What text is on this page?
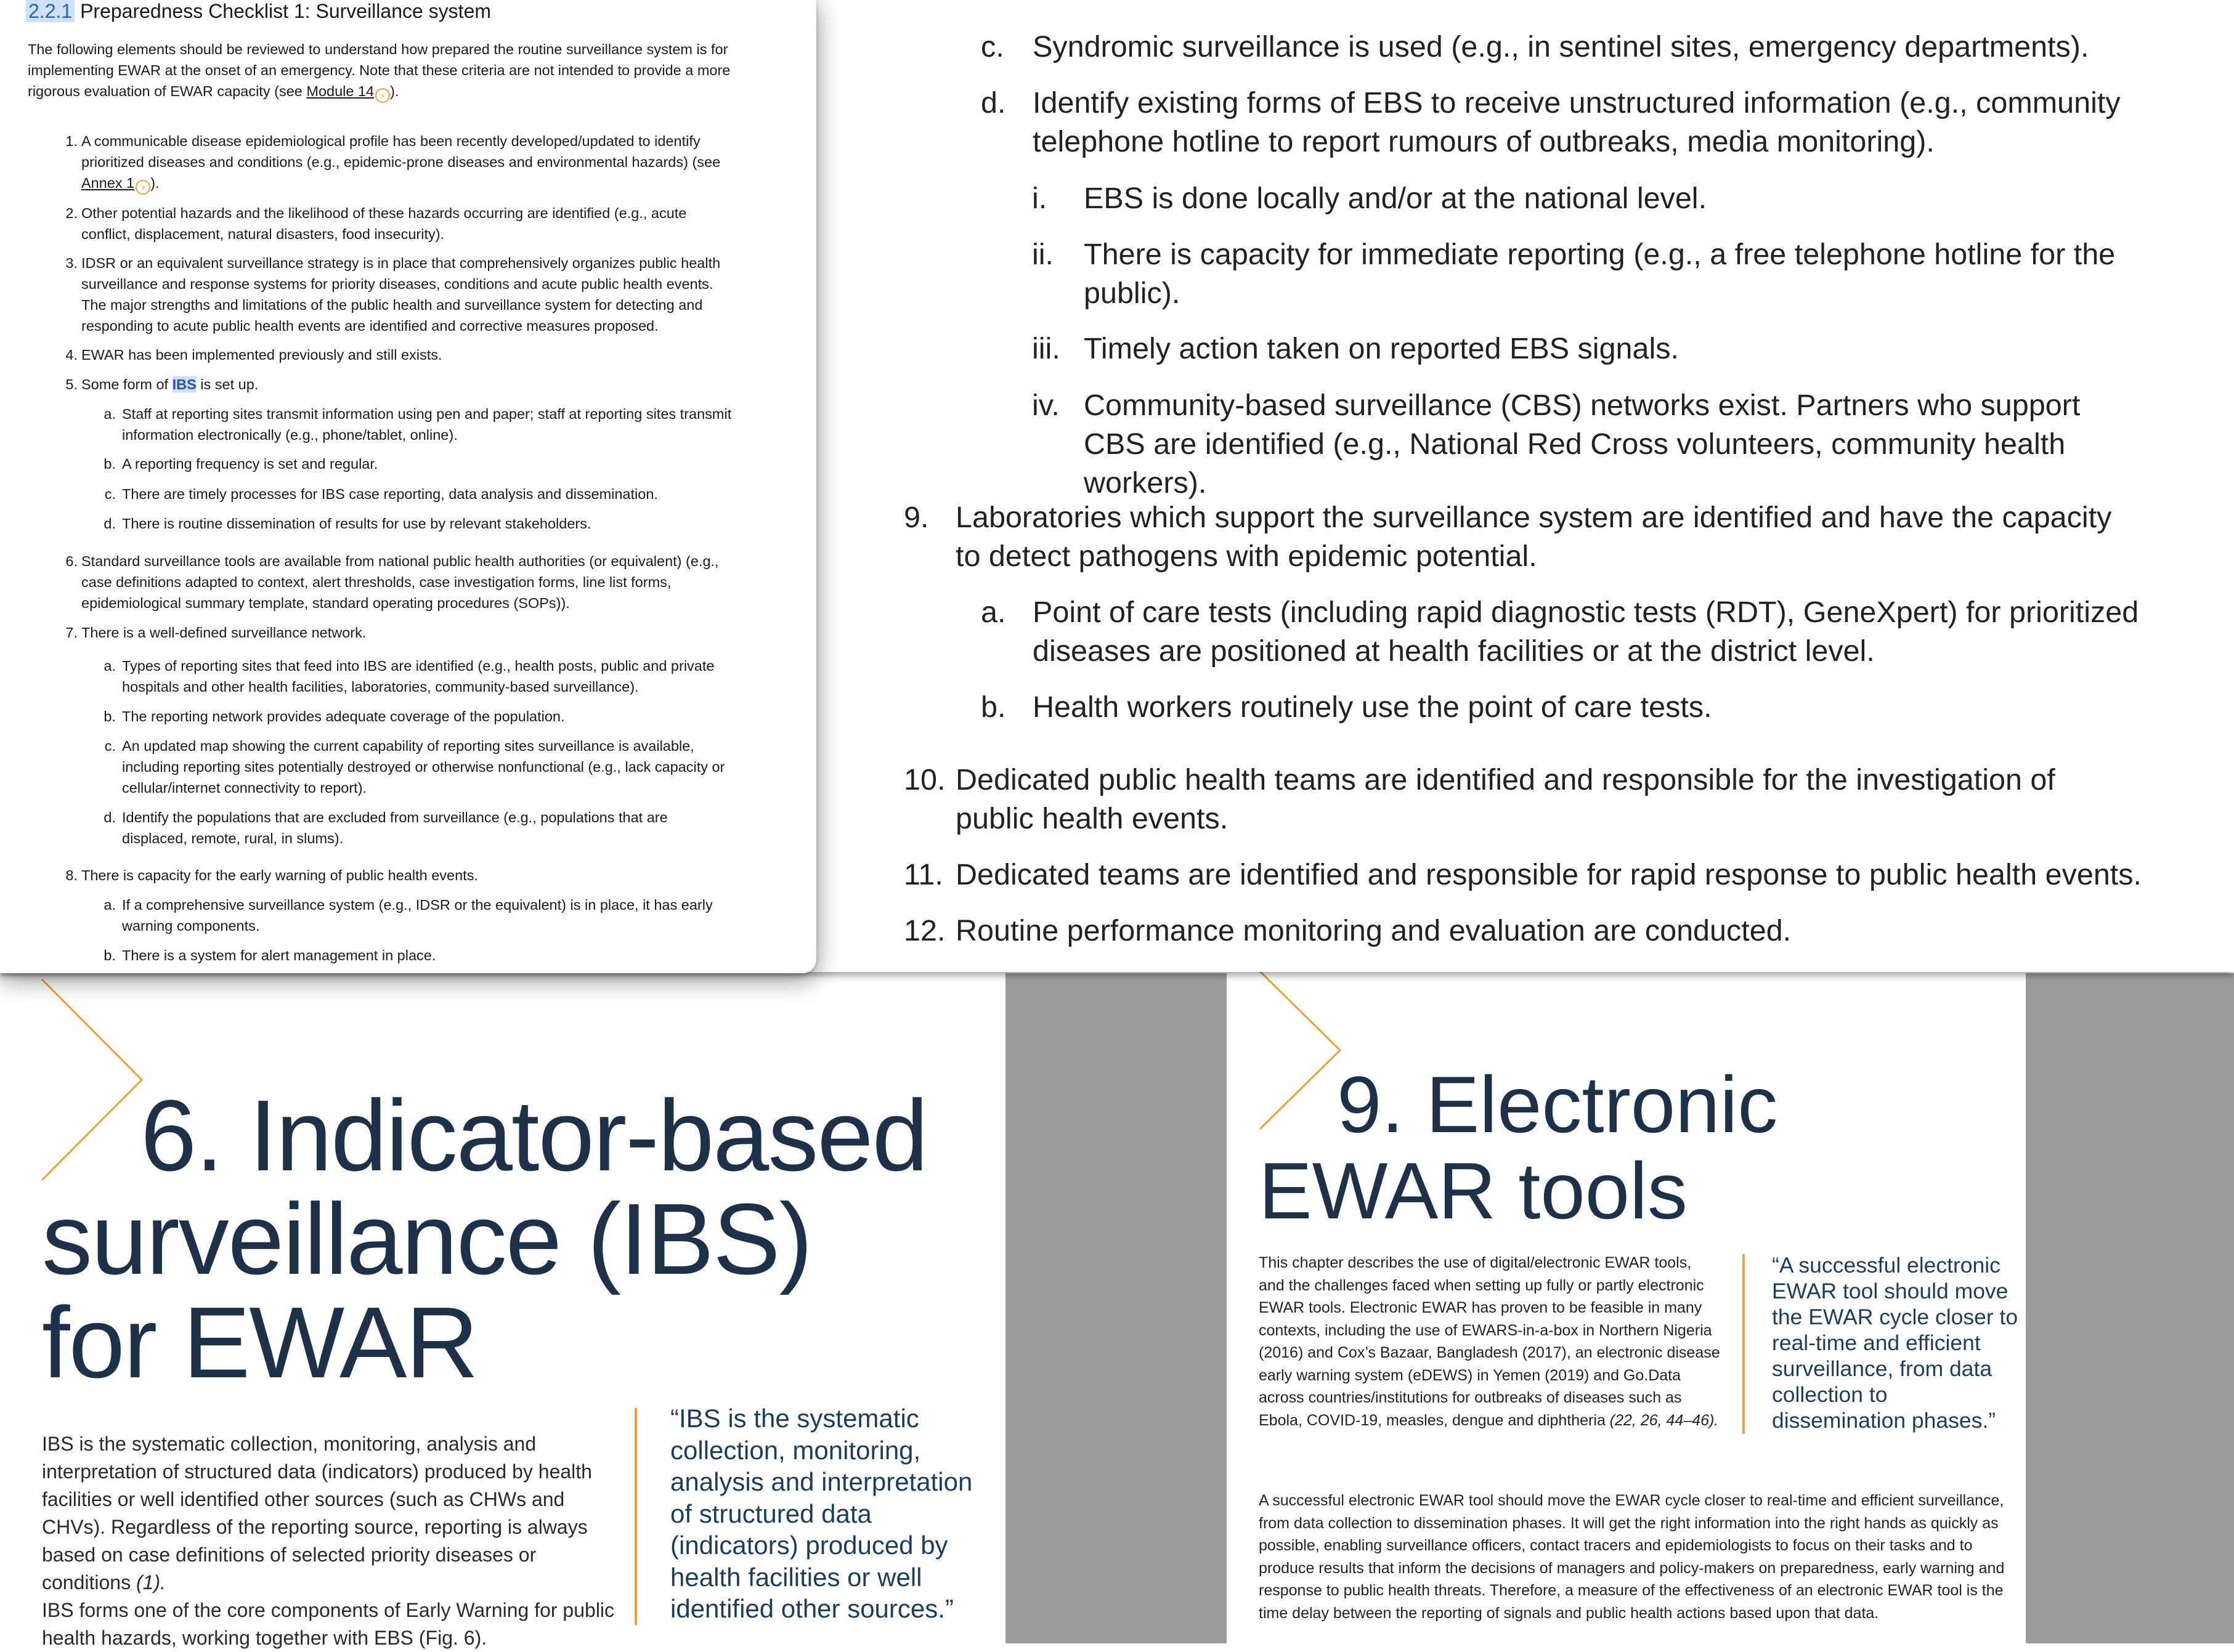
6. Indicator-based
surveillance (IBS)
for EWAR
IBS is the systematic collection, monitoring, analysis and interpretation of structured data (indicators) produced by health facilities or well identified other sources (such as CHWs and CHVs). Regardless of the reporting source, reporting is always based on case definitions of selected priority diseases or conditions (1).
IBS forms one of the core components of Early Warning for public health hazards, working together with EBS (Fig. 6).
“IBS is the systematic collection, monitoring, analysis and interpretation of structured data (indicators) produced by health facilities or well identified other sources.”
9. Electronic
EWAR tools
This chapter describes the use of digital/electronic EWAR tools, and the challenges faced when setting up fully or partly electronic EWAR tools. Electronic EWAR has proven to be feasible in many contexts, including the use of EWARS-in-a-box in Northern Nigeria (2016) and Cox’s Bazaar, Bangladesh (2017), an electronic disease early warning system (eDEWS) in Yemen (2019) and Go.Data across countries/institutions for outbreaks of diseases such as Ebola, COVID-19, measles, dengue and diphtheria (22, 26, 44–46).
“A successful electronic EWAR tool should move the EWAR cycle closer to real-time and efficient surveillance, from data collection to dissemination phases.”
A successful electronic EWAR tool should move the EWAR cycle closer to real-time and efficient surveillance, from data collection to dissemination phases. It will get the right information into the right hands as quickly as possible, enabling surveillance officers, contact tracers and epidemiologists to focus on their tasks and to produce results that inform the decisions of managers and policy-makers on preparedness, early warning and response to public health threats. Therefore, a measure of the effectiveness of an electronic EWAR tool is the time delay between the reporting of signals and public health actions based upon that data.
c. Syndromic surveillance is used (e.g., in sentinel sites, emergency departments).
d. Identify existing forms of EBS to receive unstructured information (e.g., community telephone hotline to report rumours of outbreaks, media monitoring).
i.	EBS is done locally and/or at the national level.
ii.	There is capacity for immediate reporting (e.g., a free telephone hotline for the public).
iii. Timely action taken on reported EBS signals.
iv. Community-based surveillance (CBS) networks exist. Partners who support CBS are identified (e.g., National Red Cross volunteers, community health workers).
9. Laboratories which support the surveillance system are identified and have the capacity to detect pathogens with epidemic potential.
a. Point of care tests (including rapid diagnostic tests (RDT), GeneXpert) for prioritized diseases are positioned at health facilities or at the district level.
b. Health workers routinely use the point of care tests.
10. Dedicated public health teams are identified and responsible for the investigation of public health events.
11. Dedicated teams are identified and responsible for rapid response to public health events.
12. Routine performance monitoring and evaluation are conducted.
2.2.1 Preparedness Checklist 1: Surveillance system
The following elements should be reviewed to understand how prepared the routine surveillance system is for implementing EWAR at the onset of an emergency. Note that these criteria are not intended to provide a more rigorous evaluation of EWAR capacity (see Module 14 › ).
1. A communicable disease epidemiological profile has been recently developed/updated to identify prioritized diseases and conditions (e.g., epidemic-prone diseases and environmental hazards) (see Annex 1 › ).
2. Other potential hazards and the likelihood of these hazards occurring are identified (e.g., acute conflict, displacement, natural disasters, food insecurity).
3. IDSR or an equivalent surveillance strategy is in place that comprehensively organizes public health surveillance and response systems for priority diseases, conditions and acute public health events. The major strengths and limitations of the public health and surveillance system for detecting and responding to acute public health events are identified and corrective measures proposed.
4. EWAR has been implemented previously and still exists.
5. Some form of IBS is set up.
a. Staff at reporting sites transmit information using pen and paper; staff at reporting sites transmit information electronically (e.g., phone/tablet, online).
b. A reporting frequency is set and regular.
c. There are timely processes for IBS case reporting, data analysis and dissemination.
d. There is routine dissemination of results for use by relevant stakeholders.
6. Standard surveillance tools are available from national public health authorities (or equivalent) (e.g., case definitions adapted to context, alert thresholds, case investigation forms, line list forms, epidemiological summary template, standard operating procedures (SOPs)).
7. There is a well-defined surveillance network.
a. Types of reporting sites that feed into IBS are identified (e.g., health posts, public and private hospitals and other health facilities, laboratories, community-based surveillance).
b. The reporting network provides adequate coverage of the population.
c. An updated map showing the current capability of reporting sites surveillance is available, including reporting sites potentially destroyed or otherwise nonfunctional (e.g., lack capacity or cellular/internet connectivity to report).
d. Identify the populations that are excluded from surveillance (e.g., populations that are displaced, remote, rural, in slums).
8. There is capacity for the early warning of public health events.
a. If a comprehensive surveillance system (e.g., IDSR or the equivalent) is in place, it has early warning components.
b. There is a system for alert management in place.
